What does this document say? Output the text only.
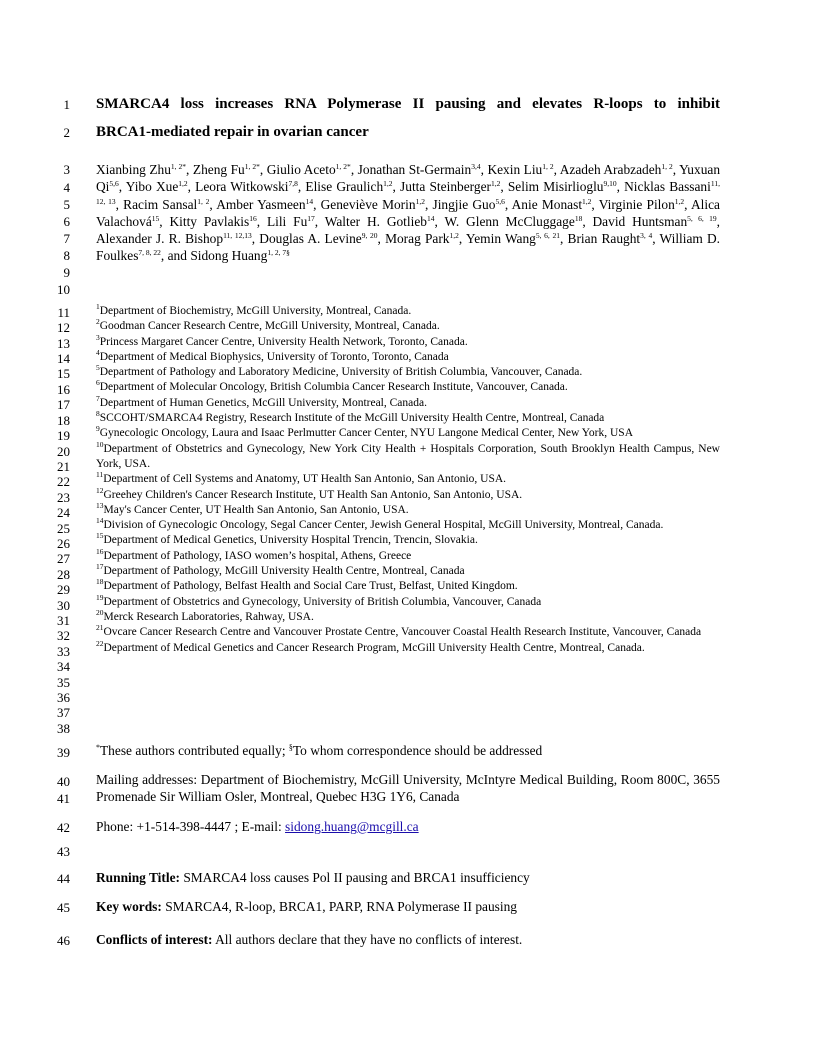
1
2
3
4
5
6
7
8
9
10
11
12
13
14
15
16
17
18
19
20
21
22
23
24
25
26
27
28
29
30
31
32
33
34
35
36
37
38
39
40
41
42
43
44
45
46
SMARCA4 loss increases RNA Polymerase II pausing and elevates R-loops to inhibit
BRCA1-mediated repair in ovarian cancer
Xianbing Zhu$^{1, 2*}$, Zheng $Fu^{1, 2*}$, Giulio Aceto$^{1, 2*}$, Jonathan St-Germain$^{3,4}$, Kexin Liu$^{1, 2}$, Azadeh Arabzadeh$^{1, 2}$, Yuxuan Qi$^{5,6}$, Yibo Xue$^{1,2}$, Leora Witkowski$^{7,8}$, Elise Graulich$^{1,2}$, Jutta Steinberger$^{1,2}$, Selim Misirlioglu$^{9,10}$, Nicklas Bassani$^{11, 12, 13}$, Racim Sansal$^{1, 2}$, Amber Yasmeen$^{14}$, Geneviève Morin$^{1,2}$, Jingjie Guo$^{5,6}$, Anie Monast$^{1,2}$, Virginie Pilon$^{1,2}$, Alica Valachová$^{15}$, Kitty Pavlakis$^{16}$, Lili Fu$^{17}$, Walter H. Gotlieb$^{14}$, W. Glenn McCluggage$^{18}$, David Huntsman$^{5, 6, 19}$, Alexander J. R. Bishop$^{11, 12,13}$, Douglas A. Levine$^{9, 20}$, Morag Park$^{1,2}$, Yemin Wang$^{5, 6, 21}$, Brian Raught$^{3, 4}$, William D. Foulkes$^{7, 8, 22}$, and Sidong Huang$^{1, 2, 7\S}$
$^1$Department of Biochemistry, McGill University, Montreal, Canada.
$^2$Goodman Cancer Research Centre, McGill University, Montreal, Canada.
$^3$Princess Margaret Cancer Centre, University Health Network, Toronto, Canada.
$^4$Department of Medical Biophysics, University of Toronto, Toronto, Canada
$^5$Department of Pathology and Laboratory Medicine, University of British Columbia, Vancouver, Canada.
$^6$Department of Molecular Oncology, British Columbia Cancer Research Institute, Vancouver, Canada.
$^7$Department of Human Genetics, McGill University, Montreal, Canada.
$^8$SCCOHT/SMARCA4 Registry, Research Institute of the McGill University Health Centre, Montreal, Canada
$^9$Gynecologic Oncology, Laura and Isaac Perlmutter Cancer Center, NYU Langone Medical Center, New York, USA
$^{10}$Department of Obstetrics and Gynecology, New York City Health + Hospitals Corporation, South Brooklyn Health Campus, New York, USA.
$^{11}$Department of Cell Systems and Anatomy, UT Health San Antonio, San Antonio, USA.
$^{12}$Greehey Children's Cancer Research Institute, UT Health San Antonio, San Antonio, USA.
$^{13}$May's Cancer Center, UT Health San Antonio, San Antonio, USA.
$^{14}$Division of Gynecologic Oncology, Segal Cancer Center, Jewish General Hospital, McGill University, Montreal, Canada.
$^{15}$Department of Medical Genetics, University Hospital Trencin, Trencin, Slovakia.
$^{16}$Department of Pathology, IASO women’s hospital, Athens, Greece
$^{17}$Department of Pathology, McGill University Health Centre, Montreal, Canada
$^{18}$Department of Pathology, Belfast Health and Social Care Trust, Belfast, United Kingdom.
$^{19}$Department of Obstetrics and Gynecology, University of British Columbia, Vancouver, Canada
$^{20}$Merck Research Laboratories, Rahway, USA.
$^{21}$Ovcare Cancer Research Centre and Vancouver Prostate Centre, Vancouver Coastal Health Research Institute, Vancouver, Canada
$^{22}$Department of Medical Genetics and Cancer Research Program, McGill University Health Centre, Montreal, Canada.
*These authors contributed equally; §To whom correspondence should be addressed
Mailing addresses: Department of Biochemistry, McGill University, McIntyre Medical Building, Room 800C, 3655 Promenade Sir William Osler, Montreal, Quebec H3G 1Y6, Canada
Phone: +1-514-398-4447 ; E-mail: sidong.huang@mcgill.ca
Running Title: SMARCA4 loss causes Pol II pausing and BRCA1 insufficiency
Key words: SMARCA4, R-loop, BRCA1, PARP, RNA Polymerase II pausing
Conflicts of interest: All authors declare that they have no conflicts of interest.
